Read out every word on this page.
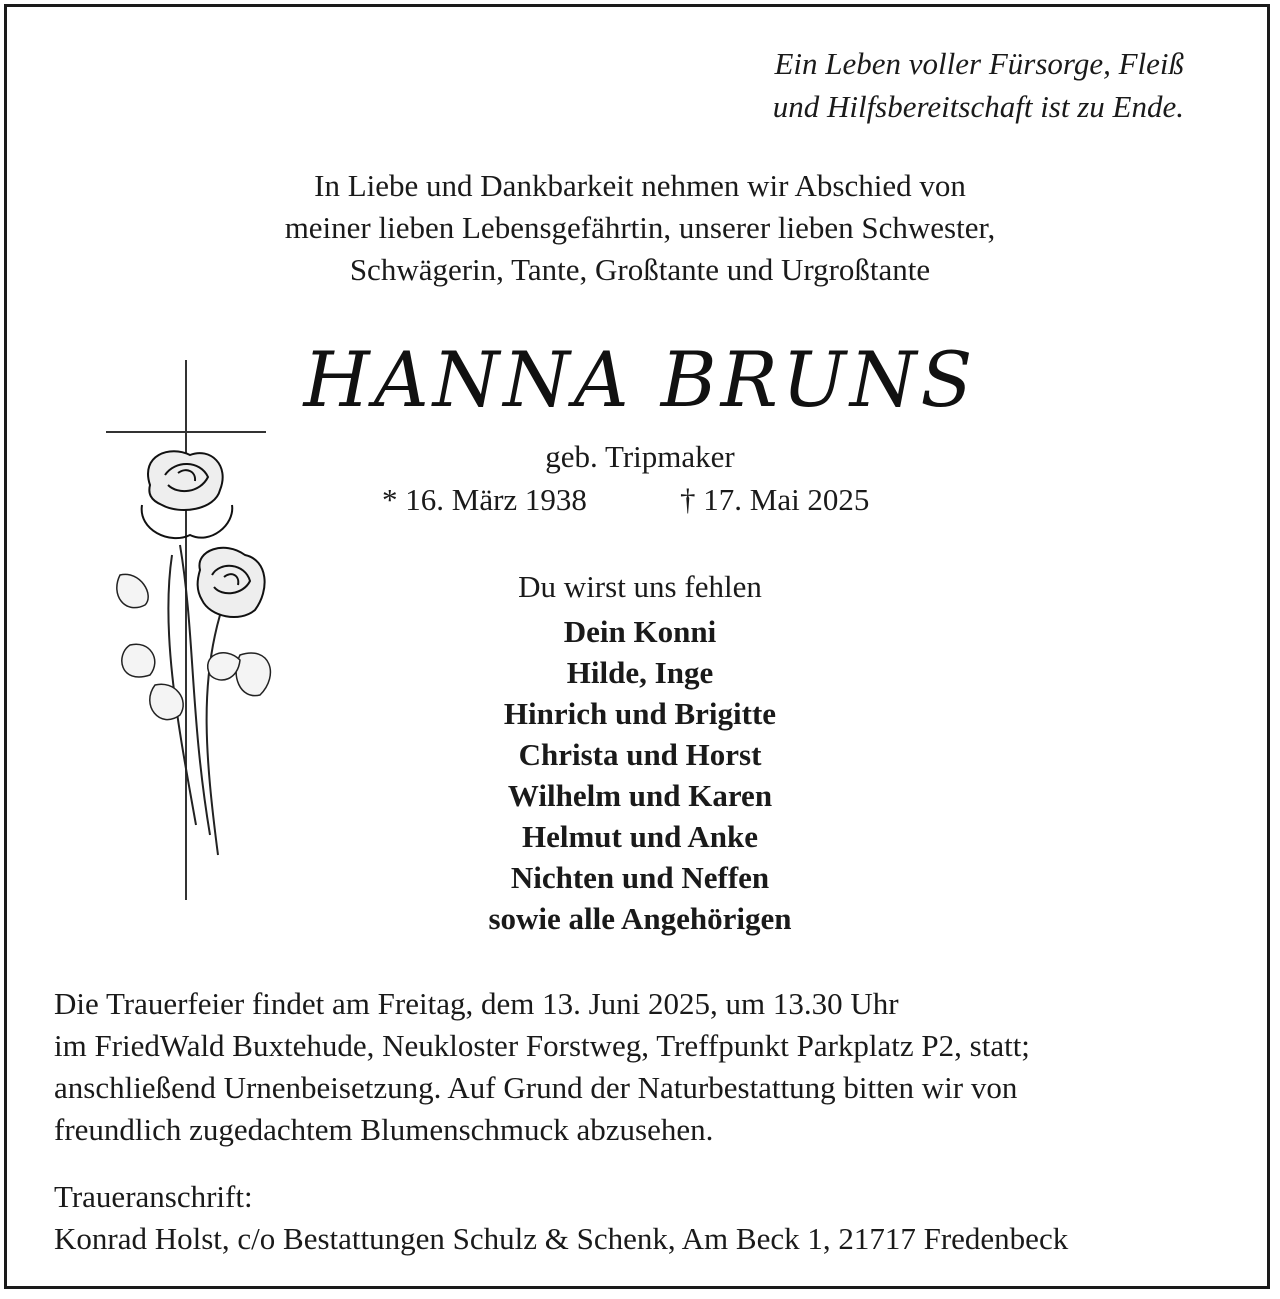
Ein Leben voller Fürsorge, Fleiß
und Hilfsbereitschaft ist zu Ende.
In Liebe und Dankbarkeit nehmen wir Abschied von
meiner lieben Lebensgefährtin, unserer lieben Schwester,
Schwägerin, Tante, Großtante und Urgroßtante
HANNA BRUNS
geb. Tripmaker
* 16. März 1938	† 17. Mai 2025
Du wirst uns fehlen
Dein Konni
Hilde, Inge
Hinrich und Brigitte
Christa und Horst
Wilhelm und Karen
Helmut und Anke
Nichten und Neffen
sowie alle Angehörigen
Die Trauerfeier findet am Freitag, dem 13. Juni 2025, um 13.30 Uhr
im FriedWald Buxtehude, Neukloster Forstweg, Treffpunkt Parkplatz P2, statt;
anschließend Urnenbeisetzung. Auf Grund der Naturbestattung bitten wir von
freundlich zugedachtem Blumenschmuck abzusehen.
Traueranschrift:
Konrad Holst, c/o Bestattungen Schulz & Schenk, Am Beck 1, 21717 Fredenbeck
